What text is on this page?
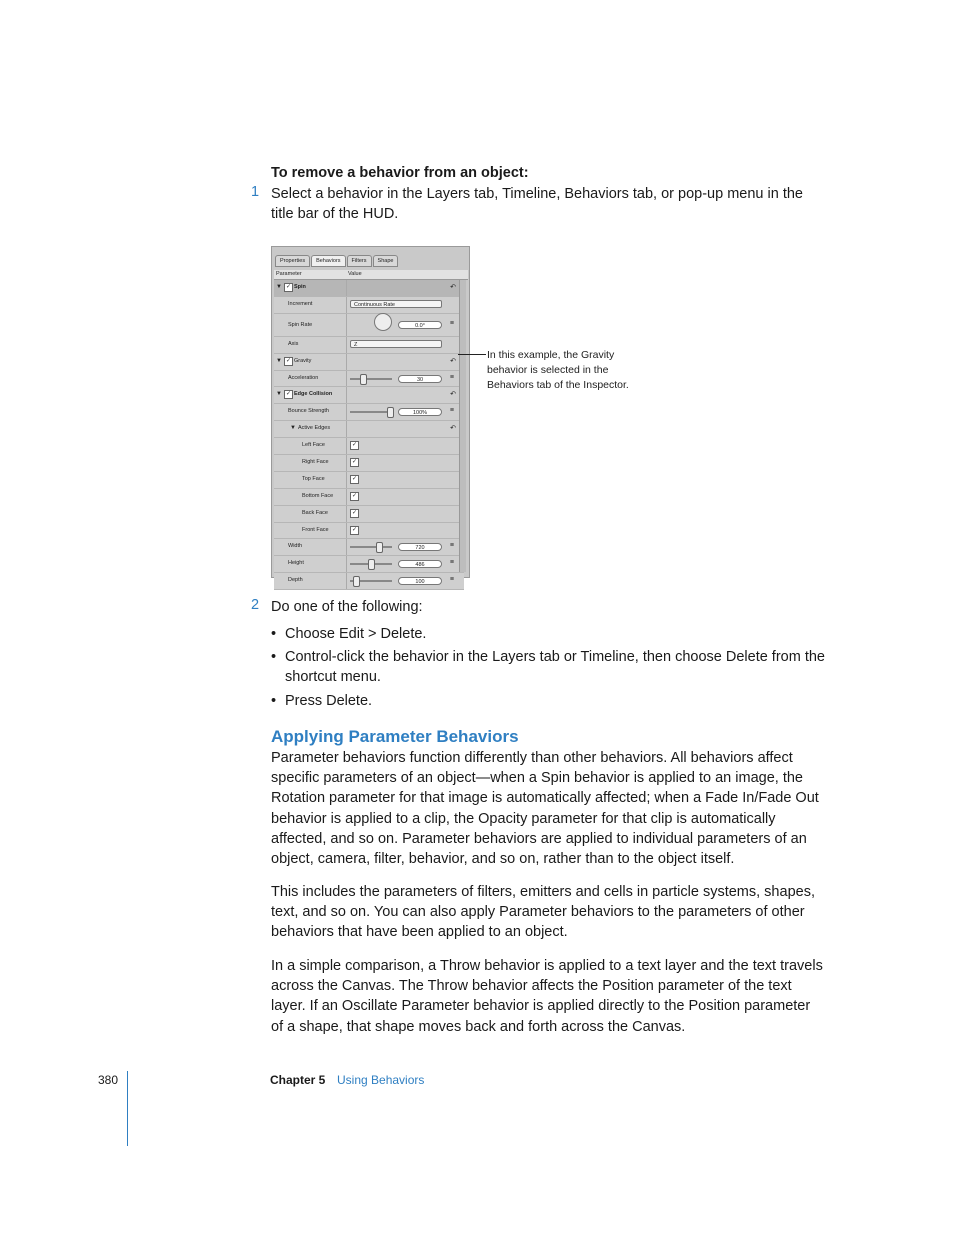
To remove a behavior from an object:
1 Select a behavior in the Layers tab, Timeline, Behaviors tab, or pop-up menu in the title bar of the HUD.
Properties	Behaviors	Filters	Shape
Parameter	Value
▼ ✓ Spin	↶
Increment	Continuous Rate
Spin Rate	0.0°	≡
Axis	Z
▼ ✓ Gravity	↶
Acceleration	30	≡
▼ ✓ Edge Collision	↶
Bounce Strength	100%	≡
▼ Active Edges	↶
Left Face	✓
Right Face	✓
Top Face	✓
Bottom Face	✓
Back Face	✓
Front Face	✓
Width	720	≡
Height	486	≡
Depth	100	≡
In this example, the Gravity behavior is selected in the Behaviors tab of the Inspector.
2 Do one of the following:
• Choose Edit > Delete.
• Control-click the behavior in the Layers tab or Timeline, then choose Delete from the shortcut menu.
• Press Delete.
Applying Parameter Behaviors
Parameter behaviors function differently than other behaviors. All behaviors affect specific parameters of an object—when a Spin behavior is applied to an image, the Rotation parameter for that image is automatically affected; when a Fade In/Fade Out behavior is applied to a clip, the Opacity parameter for that clip is automatically affected, and so on. Parameter behaviors are applied to individual parameters of an object, camera, filter, behavior, and so on, rather than to the object itself.
This includes the parameters of filters, emitters and cells in particle systems, shapes, text, and so on. You can also apply Parameter behaviors to the parameters of other behaviors that have been applied to an object.
In a simple comparison, a Throw behavior is applied to a text layer and the text travels across the Canvas. The Throw behavior affects the Position parameter of the text layer. If an Oscillate Parameter behavior is applied directly to the Position parameter of a shape, that shape moves back and forth across the Canvas.
380	Chapter 5 Using Behaviors
